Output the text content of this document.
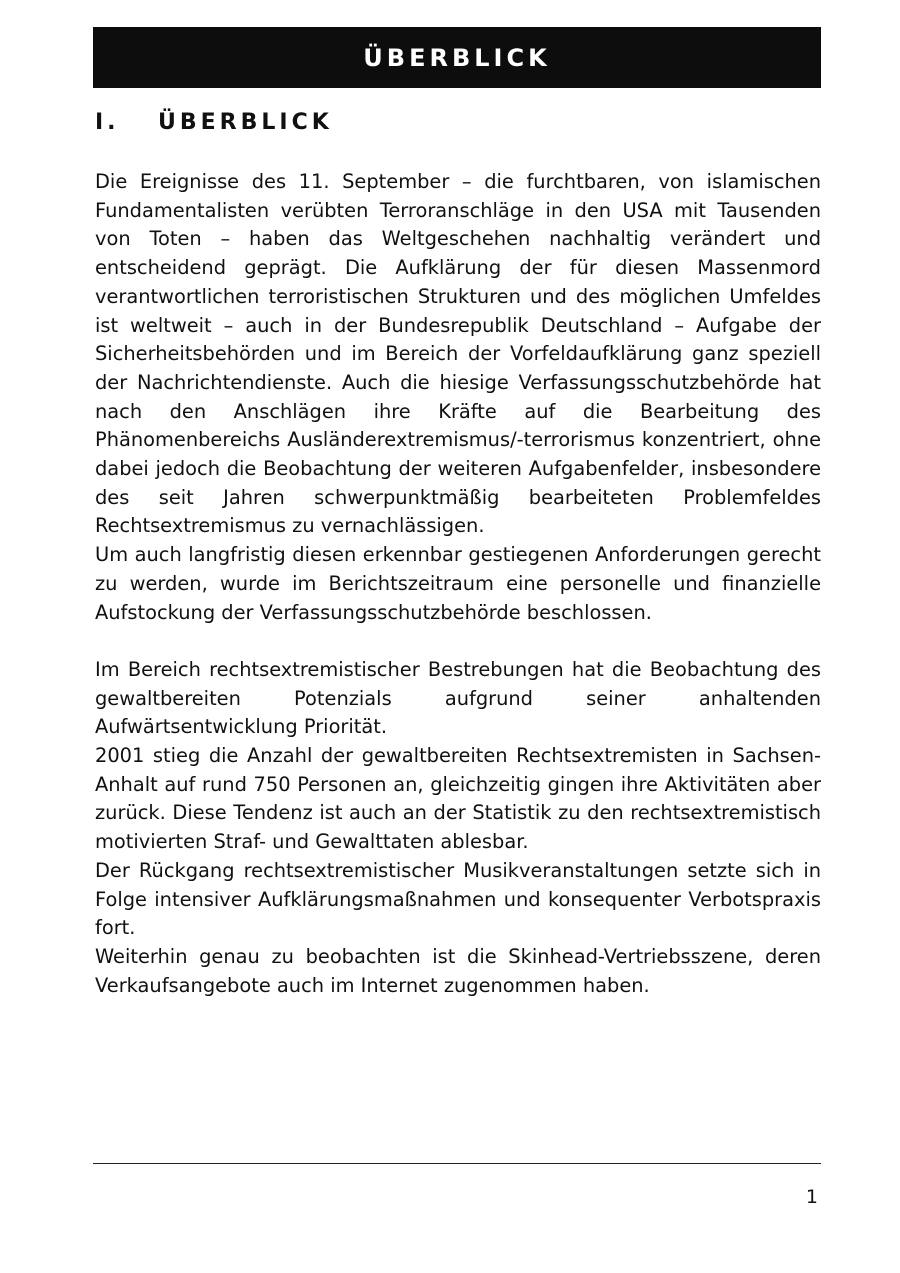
ÜBERBLICK
I.	ÜBERBLICK

Die Ereignisse des 11. September – die furchtbaren, von islamischen Fundamentalisten verübten Terroranschläge in den USA mit Tausenden von Toten – haben das Weltgeschehen nachhaltig verändert und entscheidend geprägt. Die Aufklärung der für diesen Massenmord verantwortlichen terroristischen Strukturen und des möglichen Umfeldes ist weltweit – auch in der Bundesrepublik Deutschland – Aufgabe der Sicherheitsbehörden und im Bereich der Vorfeldaufklärung ganz speziell der Nachrichtendienste. Auch die hiesige Verfassungsschutzbehörde hat nach den Anschlägen ihre Kräfte auf die Bearbeitung des Phänomenbereichs Ausländerextremismus/-terrorismus konzentriert, ohne dabei jedoch die Beobachtung der weiteren Aufgabenfelder, insbesondere des seit Jahren schwerpunktmäßig bearbeiteten Problemfeldes Rechtsextremismus zu vernachlässigen.

Um auch langfristig diesen erkennbar gestiegenen Anforderungen gerecht zu werden, wurde im Berichtszeitraum eine personelle und finanzielle Aufstockung der Verfassungsschutzbehörde beschlossen.

Im Bereich rechtsextremistischer Bestrebungen hat die Beobachtung des gewaltbereiten Potenzials aufgrund seiner anhaltenden Aufwärtsentwicklung Priorität.

2001 stieg die Anzahl der gewaltbereiten Rechtsextremisten in Sachsen-Anhalt auf rund 750 Personen an, gleichzeitig gingen ihre Aktivitäten aber zurück. Diese Tendenz ist auch an der Statistik zu den rechtsextremistisch motivierten Straf- und Gewalttaten ablesbar.

Der Rückgang rechtsextremistischer Musikveranstaltungen setzte sich in Folge intensiver Aufklärungsmaßnahmen und konsequenter Verbotspraxis fort.

Weiterhin genau zu beobachten ist die Skinhead-Vertriebsszene, deren Verkaufsangebote auch im Internet zugenommen haben.

1
